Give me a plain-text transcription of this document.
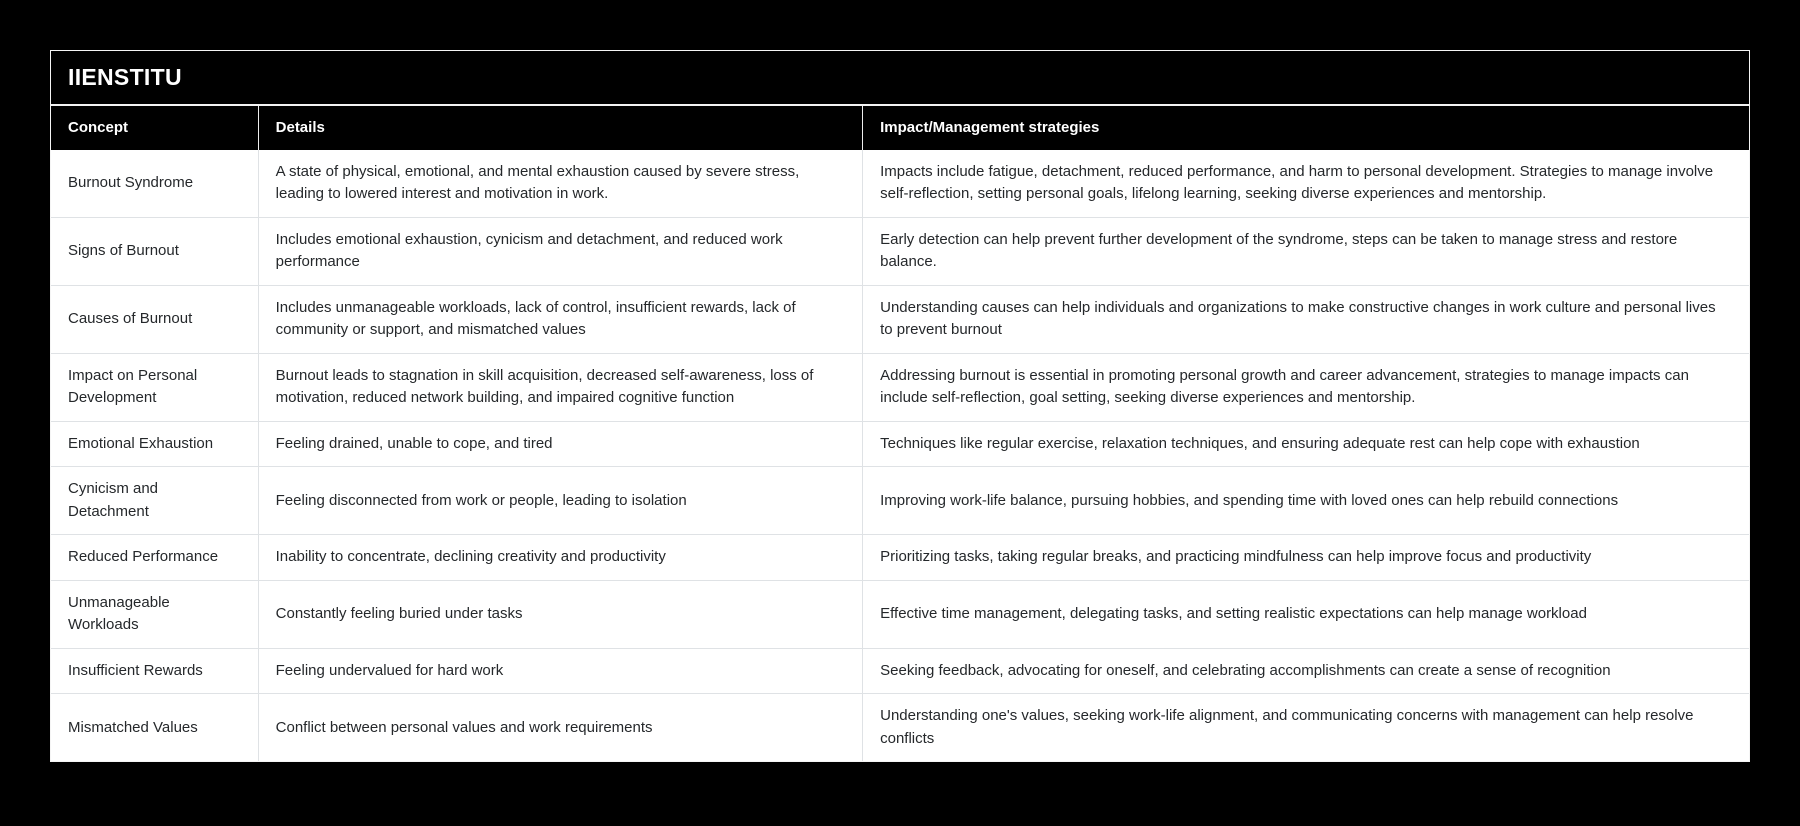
IIENSTITU
Concept	Details	Impact/Management strategies
Burnout Syndrome	A state of physical, emotional, and mental exhaustion caused by severe stress, leading to lowered interest and motivation in work.	Impacts include fatigue, detachment, reduced performance, and harm to personal development. Strategies to manage involve self-reflection, setting personal goals, lifelong learning, seeking diverse experiences and mentorship.
Signs of Burnout	Includes emotional exhaustion, cynicism and detachment, and reduced work performance	Early detection can help prevent further development of the syndrome, steps can be taken to manage stress and restore balance.
Causes of Burnout	Includes unmanageable workloads, lack of control, insufficient rewards, lack of community or support, and mismatched values	Understanding causes can help individuals and organizations to make constructive changes in work culture and personal lives to prevent burnout
Impact on Personal Development	Burnout leads to stagnation in skill acquisition, decreased self-awareness, loss of motivation, reduced network building, and impaired cognitive function	Addressing burnout is essential in promoting personal growth and career advancement, strategies to manage impacts can include self-reflection, goal setting, seeking diverse experiences and mentorship.
Emotional Exhaustion	Feeling drained, unable to cope, and tired	Techniques like regular exercise, relaxation techniques, and ensuring adequate rest can help cope with exhaustion
Cynicism and Detachment	Feeling disconnected from work or people, leading to isolation	Improving work-life balance, pursuing hobbies, and spending time with loved ones can help rebuild connections
Reduced Performance	Inability to concentrate, declining creativity and productivity	Prioritizing tasks, taking regular breaks, and practicing mindfulness can help improve focus and productivity
Unmanageable Workloads	Constantly feeling buried under tasks	Effective time management, delegating tasks, and setting realistic expectations can help manage workload
Insufficient Rewards	Feeling undervalued for hard work	Seeking feedback, advocating for oneself, and celebrating accomplishments can create a sense of recognition
Mismatched Values	Conflict between personal values and work requirements	Understanding one's values, seeking work-life alignment, and communicating concerns with management can help resolve conflicts
